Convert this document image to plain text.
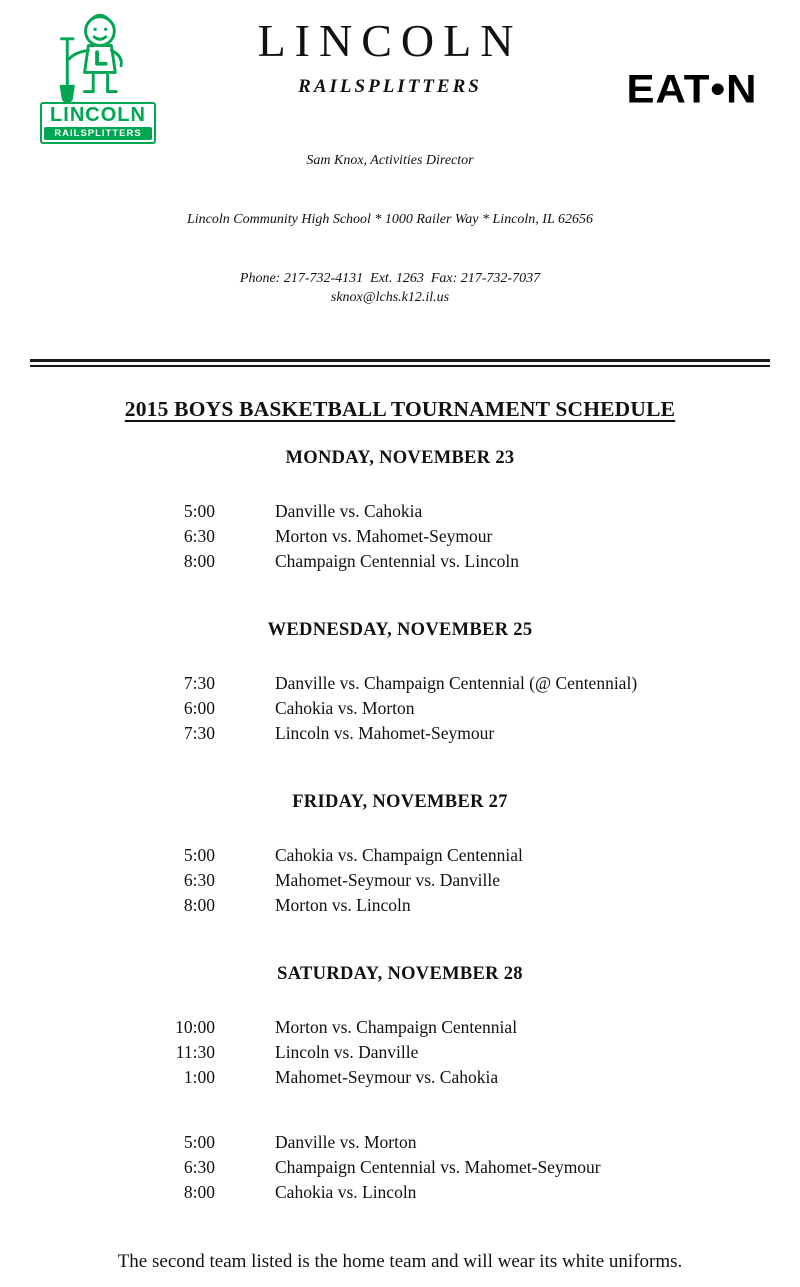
LINCOLN
RAILSPLITTERS
LINCOLN
RAILSPLITTERS

Sam Knox, Activities Director

Lincoln Community High School * 1000 Railer Way * Lincoln, IL 62656

Phone: 217-732-4131  Ext. 1263  Fax: 217-732-7037    sknox@lchs.k12.il.us

EAT•N
2015 BOYS BASKETBALL TOURNAMENT SCHEDULE
MONDAY, NOVEMBER 23
5:00	Danville vs. Cahokia
6:30	Morton vs. Mahomet-Seymour
8:00	Champaign Centennial vs. Lincoln
WEDNESDAY, NOVEMBER 25
7:30	Danville vs. Champaign Centennial (@ Centennial)
6:00	Cahokia vs. Morton
7:30	Lincoln vs. Mahomet-Seymour
FRIDAY, NOVEMBER 27
5:00	Cahokia vs. Champaign Centennial
6:30	Mahomet-Seymour vs. Danville
8:00	Morton vs. Lincoln
SATURDAY, NOVEMBER 28
10:00	Morton vs. Champaign Centennial
11:30	Lincoln vs. Danville
1:00	Mahomet-Seymour vs. Cahokia
5:00	Danville vs. Morton
6:30	Champaign Centennial vs. Mahomet-Seymour
8:00	Cahokia vs. Lincoln
The second team listed is the home team and will wear its white uniforms.
